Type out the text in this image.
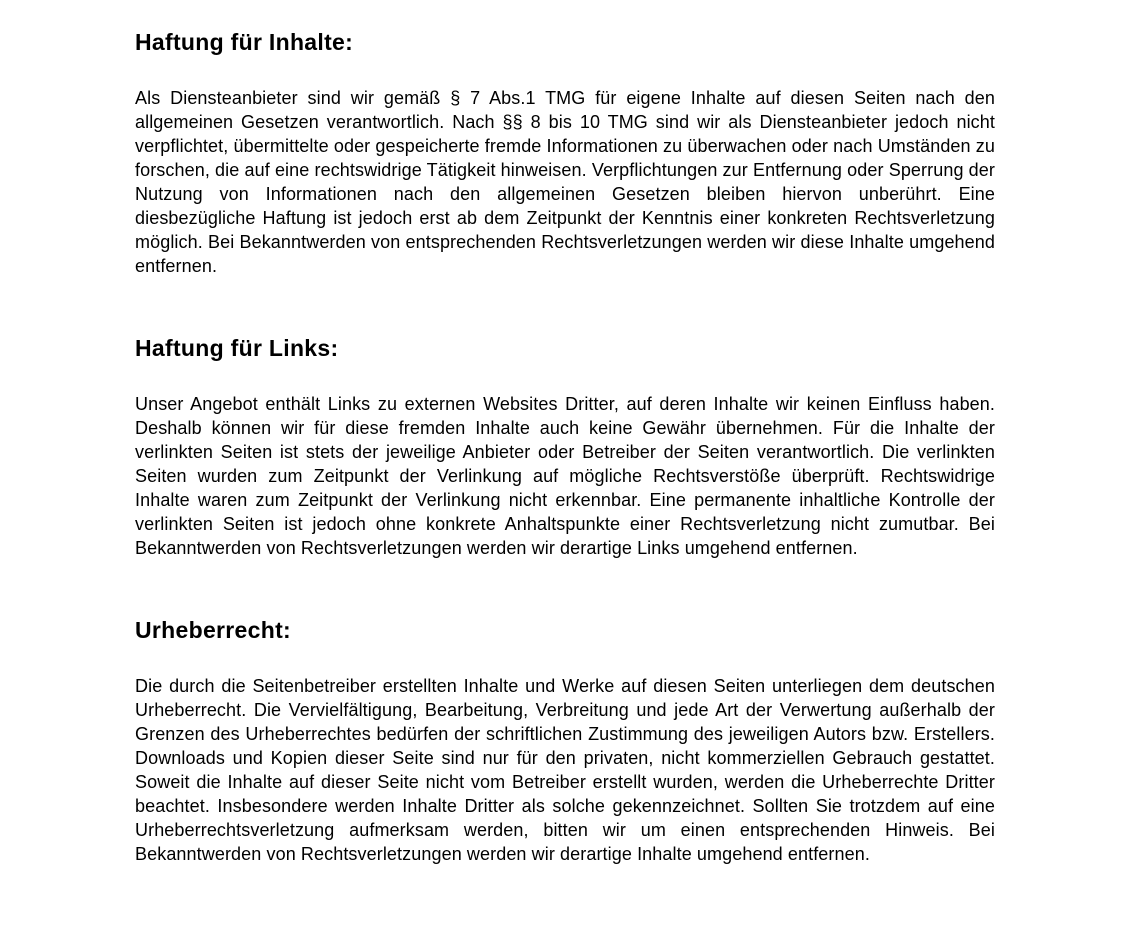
Haftung für Inhalte:

Als Diensteanbieter sind wir gemäß § 7 Abs.1 TMG für eigene Inhalte auf diesen Seiten nach den allgemeinen Gesetzen verantwortlich. Nach §§ 8 bis 10 TMG sind wir als Diensteanbieter jedoch nicht verpflichtet, übermittelte oder gespeicherte fremde Informationen zu überwachen oder nach Umständen zu forschen, die auf eine rechtswidrige Tätigkeit hinweisen. Verpflichtungen zur Entfernung oder Sperrung der Nutzung von Informationen nach den allgemeinen Gesetzen bleiben hiervon unberührt. Eine diesbezügliche Haftung ist jedoch erst ab dem Zeitpunkt der Kenntnis einer konkreten Rechtsverletzung möglich. Bei Bekanntwerden von entsprechenden Rechtsverletzungen werden wir diese Inhalte umgehend entfernen.

Haftung für Links:

Unser Angebot enthält Links zu externen Websites Dritter, auf deren Inhalte wir keinen Einfluss haben. Deshalb können wir für diese fremden Inhalte auch keine Gewähr übernehmen. Für die Inhalte der verlinkten Seiten ist stets der jeweilige Anbieter oder Betreiber der Seiten verantwortlich. Die verlinkten Seiten wurden zum Zeitpunkt der Verlinkung auf mögliche Rechtsverstöße überprüft. Rechtswidrige Inhalte waren zum Zeitpunkt der Verlinkung nicht erkennbar. Eine permanente inhaltliche Kontrolle der verlinkten Seiten ist jedoch ohne konkrete Anhaltspunkte einer Rechtsverletzung nicht zumutbar. Bei Bekanntwerden von Rechtsverletzungen werden wir derartige Links umgehend entfernen.

Urheberrecht:

Die durch die Seitenbetreiber erstellten Inhalte und Werke auf diesen Seiten unterliegen dem deutschen Urheberrecht. Die Vervielfältigung, Bearbeitung, Verbreitung und jede Art der Verwertung außerhalb der Grenzen des Urheberrechtes bedürfen der schriftlichen Zustimmung des jeweiligen Autors bzw. Erstellers. Downloads und Kopien dieser Seite sind nur für den privaten, nicht kommerziellen Gebrauch gestattet. Soweit die Inhalte auf dieser Seite nicht vom Betreiber erstellt wurden, werden die Urheberrechte Dritter beachtet. Insbesondere werden Inhalte Dritter als solche gekennzeichnet. Sollten Sie trotzdem auf eine Urheberrechtsverletzung aufmerksam werden, bitten wir um einen entsprechenden Hinweis. Bei Bekanntwerden von Rechtsverletzungen werden wir derartige Inhalte umgehend entfernen.
